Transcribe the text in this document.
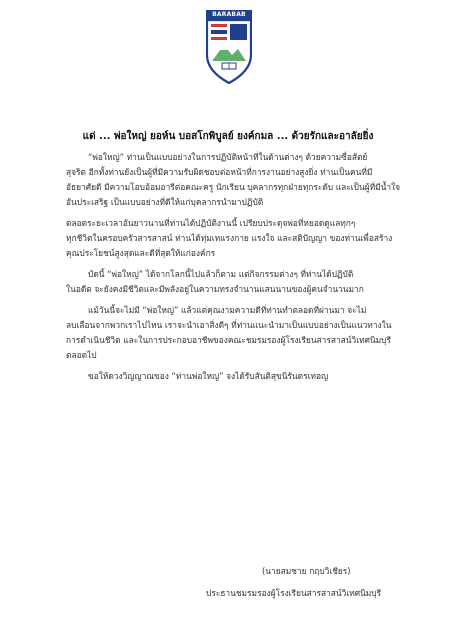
BARABAB
แด่ ... พ่อใหญ่ ยอห์น บอสโกพิบูลย์ ยงค์กมล ... ด้วยรักและอาลัยยิ่ง
“พ่อใหญ่” ท่านเป็นแบบอย่างในการปฏิบัติหน้าที่ในด้านต่างๆ ด้วยความซื่อสัตย์
สุจริต อีกทั้งท่านยังเป็นผู้ที่มีความรับผิดชอบต่อหน้าที่การงานอย่างสูงยิ่ง ท่านเป็นคนที่มี
อัธยาศัยดี มีความโอบอ้อมอารีต่อคณะครู นักเรียน บุคลากรทุกฝ่ายทุกระดับ และเป็นผู้ที่มีน้ำใจ
อันประเสริฐ เป็นแบบอย่างที่ดีให้แก่บุคลากรนำมาปฏิบัติ
ตลอดระยะเวลาอันยาวนานที่ท่านได้ปฏิบัติงานนี้ เปรียบประดุจพ่อที่หยอดดูแลทุกๆ
ทุกชีวิตในครอบครัวสารสาสน์ ท่านได้ทุ่มเทแรงกาย แรงใจ และสติปัญญา ของท่านเพื่อสร้าง
คุณประโยชน์สูงสุดและดีที่สุดให้แก่องค์กร
บัดนี้ “พ่อใหญ่” ได้จากโลกนี้ไปแล้วก็ตาม แต่กิจกรรมต่างๆ ที่ท่านได้ปฏิบัติ
ในอดีต จะยังคงมีชีวิตและมีพลังอยู่ในความทรงจำนานแสนนานของผู้คนจำนวนมาก
แม้วันนี้จะไม่มี “พ่อใหญ่” แล้วแต่คุณงามความดีที่ท่านทำตลอดที่ผ่านมา จะไม่
ลบเลือนจากพวกเราไปไหน เราจะนำเอาสิ่งดีๆ ที่ท่านแนะนำมาเป็นแบบอย่างเป็นแนวทางใน
การดำเนินชีวิต และในการประกอบอาชีพของคณะชมรมรองผู้โรงเรียนสารสาสน์วิเทศนิมบุรี
ตลอดไป
ขอให้ดวงวิญญาณของ “ท่านพ่อใหญ่” จงได้รับสันติสุขนิรันดรเทอญ
(นายสมชาย กฤบวิเชียร)
ประธานชมรมรองผู้โรงเรียนสารสาสน์วิเทศนิมบุรี
